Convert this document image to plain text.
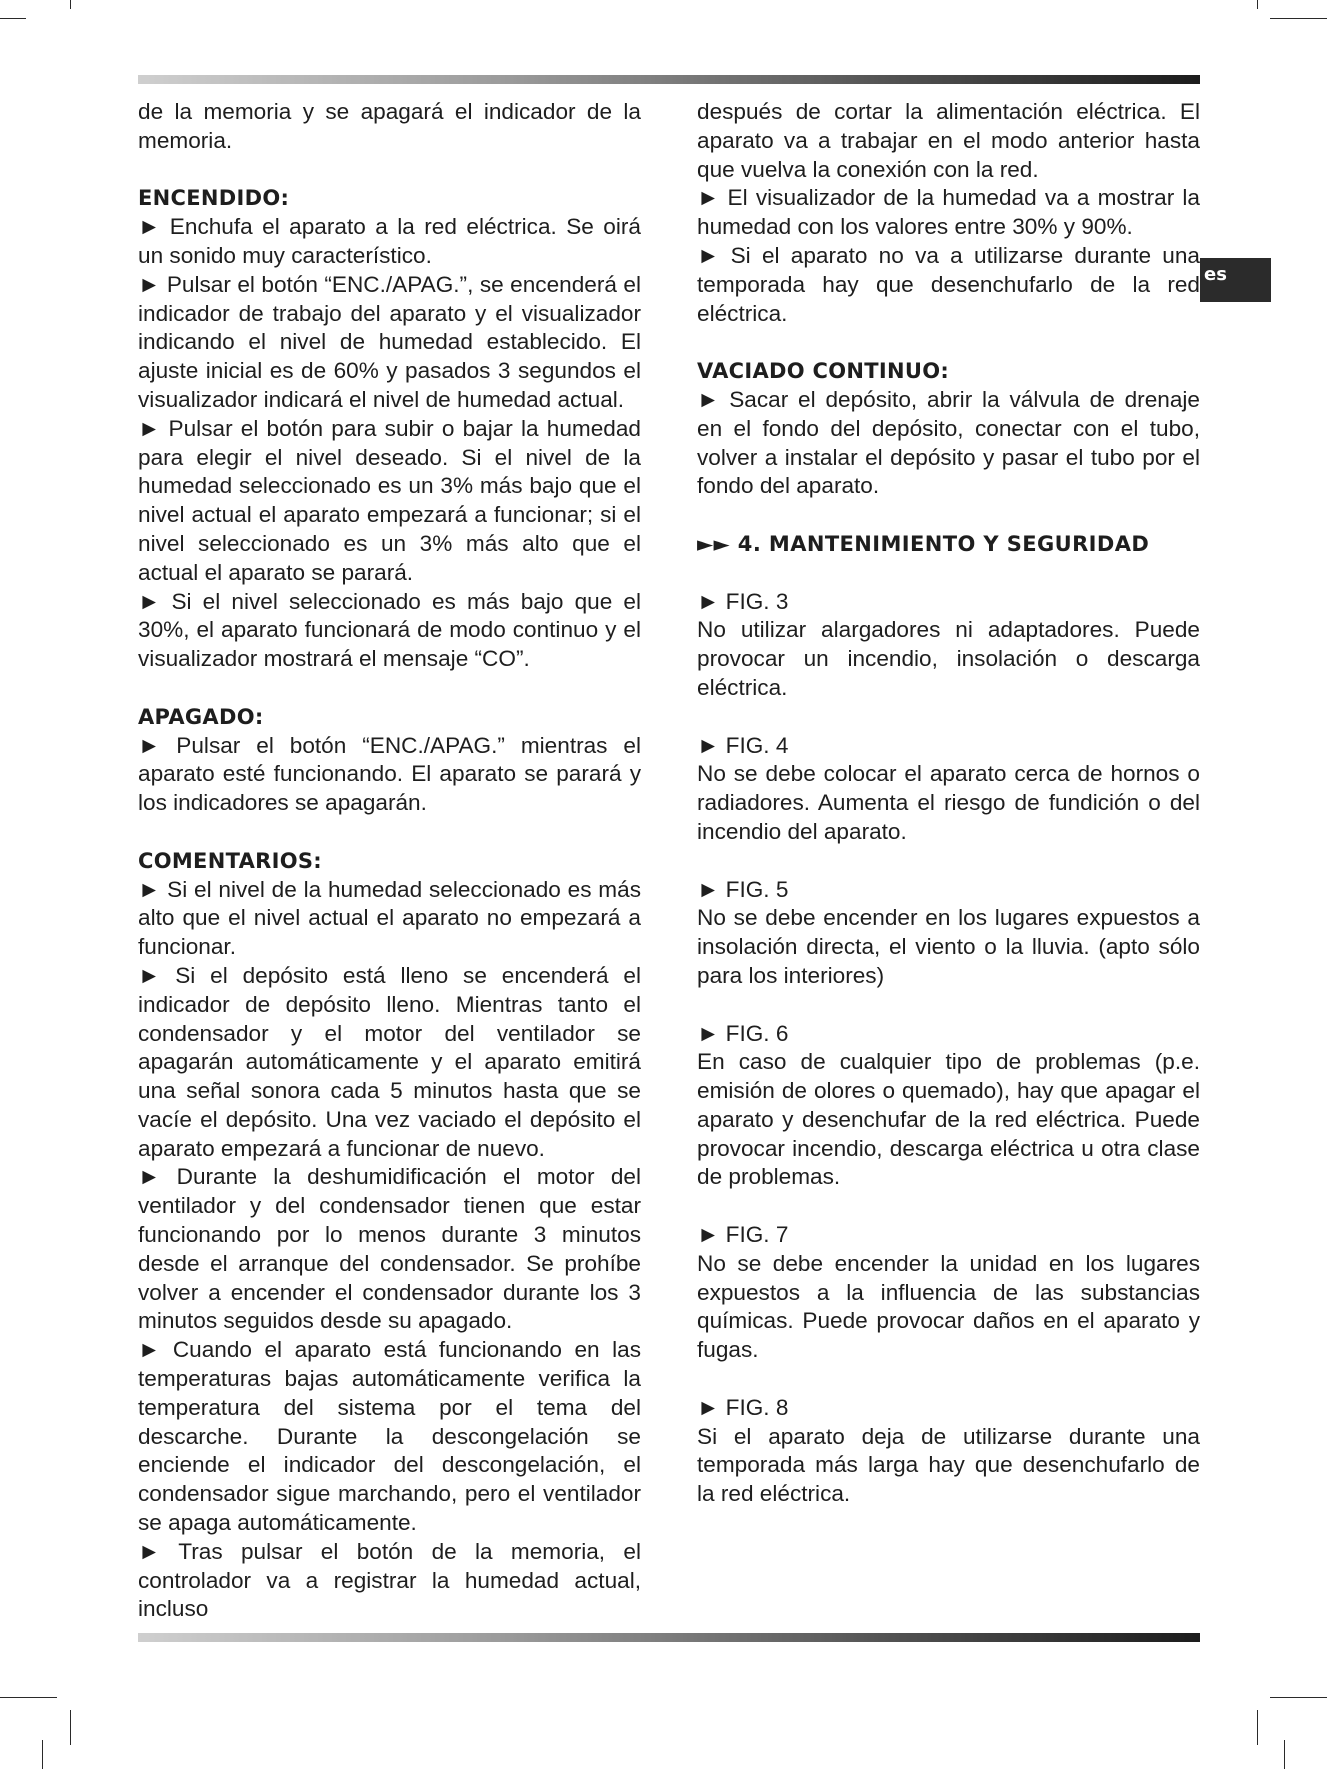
es

de la memoria y se apagará el indicador de la memoria.

ENCENDIDO:

► Enchufa el aparato a la red eléctrica. Se oirá un sonido muy característico.

► Pulsar el botón “ENC./APAG.”, se encenderá el indicador de trabajo del aparato y el visualizador indicando el nivel de humedad establecido. El ajuste inicial es de 60% y pasados 3 segundos el visualizador indicará el nivel de humedad actual.

► Pulsar el botón para subir o bajar la humedad para elegir el nivel deseado. Si el nivel de la humedad seleccionado es un 3% más bajo que el nivel actual el aparato empezará a funcionar; si el nivel seleccionado es un 3% más alto que el actual el aparato se parará.

► Si el nivel seleccionado es más bajo que el 30%, el aparato funcionará de modo continuo y el visualizador mostrará el mensaje “CO”.

APAGADO:

► Pulsar el botón “ENC./APAG.” mientras el aparato esté funcionando. El aparato se parará y los indicadores se apagarán.

COMENTARIOS:

► Si el nivel de la humedad seleccionado es más alto que el nivel actual el aparato no empezará a funcionar.

► Si el depósito está lleno se encenderá el indicador de depósito lleno. Mientras tanto el condensador y el motor del ventilador se apagarán automáticamente y el aparato emitirá una señal sonora cada 5 minutos hasta que se vacíe el depósito. Una vez vaciado el depósito el aparato empezará a funcionar de nuevo.

► Durante la deshumidificación el motor del ventilador y del condensador tienen que estar funcionando por lo menos durante 3 minutos desde el arranque del condensador. Se prohíbe volver a encender el condensador durante los 3 minutos seguidos desde su apagado.

► Cuando el aparato está funcionando en las temperaturas bajas automáticamente verifica la temperatura del sistema por el tema del descarche. Durante la descongelación se enciende el indicador del descongelación, el condensador sigue marchando, pero el ventilador se apaga automáticamente.

► Tras pulsar el botón de la memoria, el controlador va a registrar la humedad actual, incluso

después de cortar la alimentación eléctrica. El aparato va a trabajar en el modo anterior hasta que vuelva la conexión con la red.

► El visualizador de la humedad va a mostrar la humedad con los valores entre 30% y 90%.

► Si el aparato no va a utilizarse durante una temporada hay que desenchufarlo de la red eléctrica.

VACIADO CONTINUO:

► Sacar el depósito, abrir la válvula de drenaje en el fondo del depósito, conectar con el tubo, volver a instalar el depósito y pasar el tubo por el fondo del aparato.

►► 4. MANTENIMIENTO Y SEGURIDAD

► FIG. 3

No utilizar alargadores ni adaptadores. Puede provocar un incendio, insolación o descarga eléctrica.

► FIG. 4

No se debe colocar el aparato cerca de hornos o radiadores. Aumenta el riesgo de fundición o del incendio del aparato.

► FIG. 5

No se debe encender en los lugares expuestos a insolación directa, el viento o la lluvia. (apto sólo para los interiores)

► FIG. 6

En caso de cualquier tipo de problemas (p.e. emisión de olores o quemado), hay que apagar el aparato y desenchufar de la red eléctrica. Puede provocar incendio, descarga eléctrica u otra clase de problemas.

► FIG. 7

No se debe encender la unidad en los lugares expuestos a la influencia de las substancias químicas. Puede provocar daños en el aparato y fugas.

► FIG. 8

Si el aparato deja de utilizarse durante una temporada más larga hay que desenchufarlo de la red eléctrica.
